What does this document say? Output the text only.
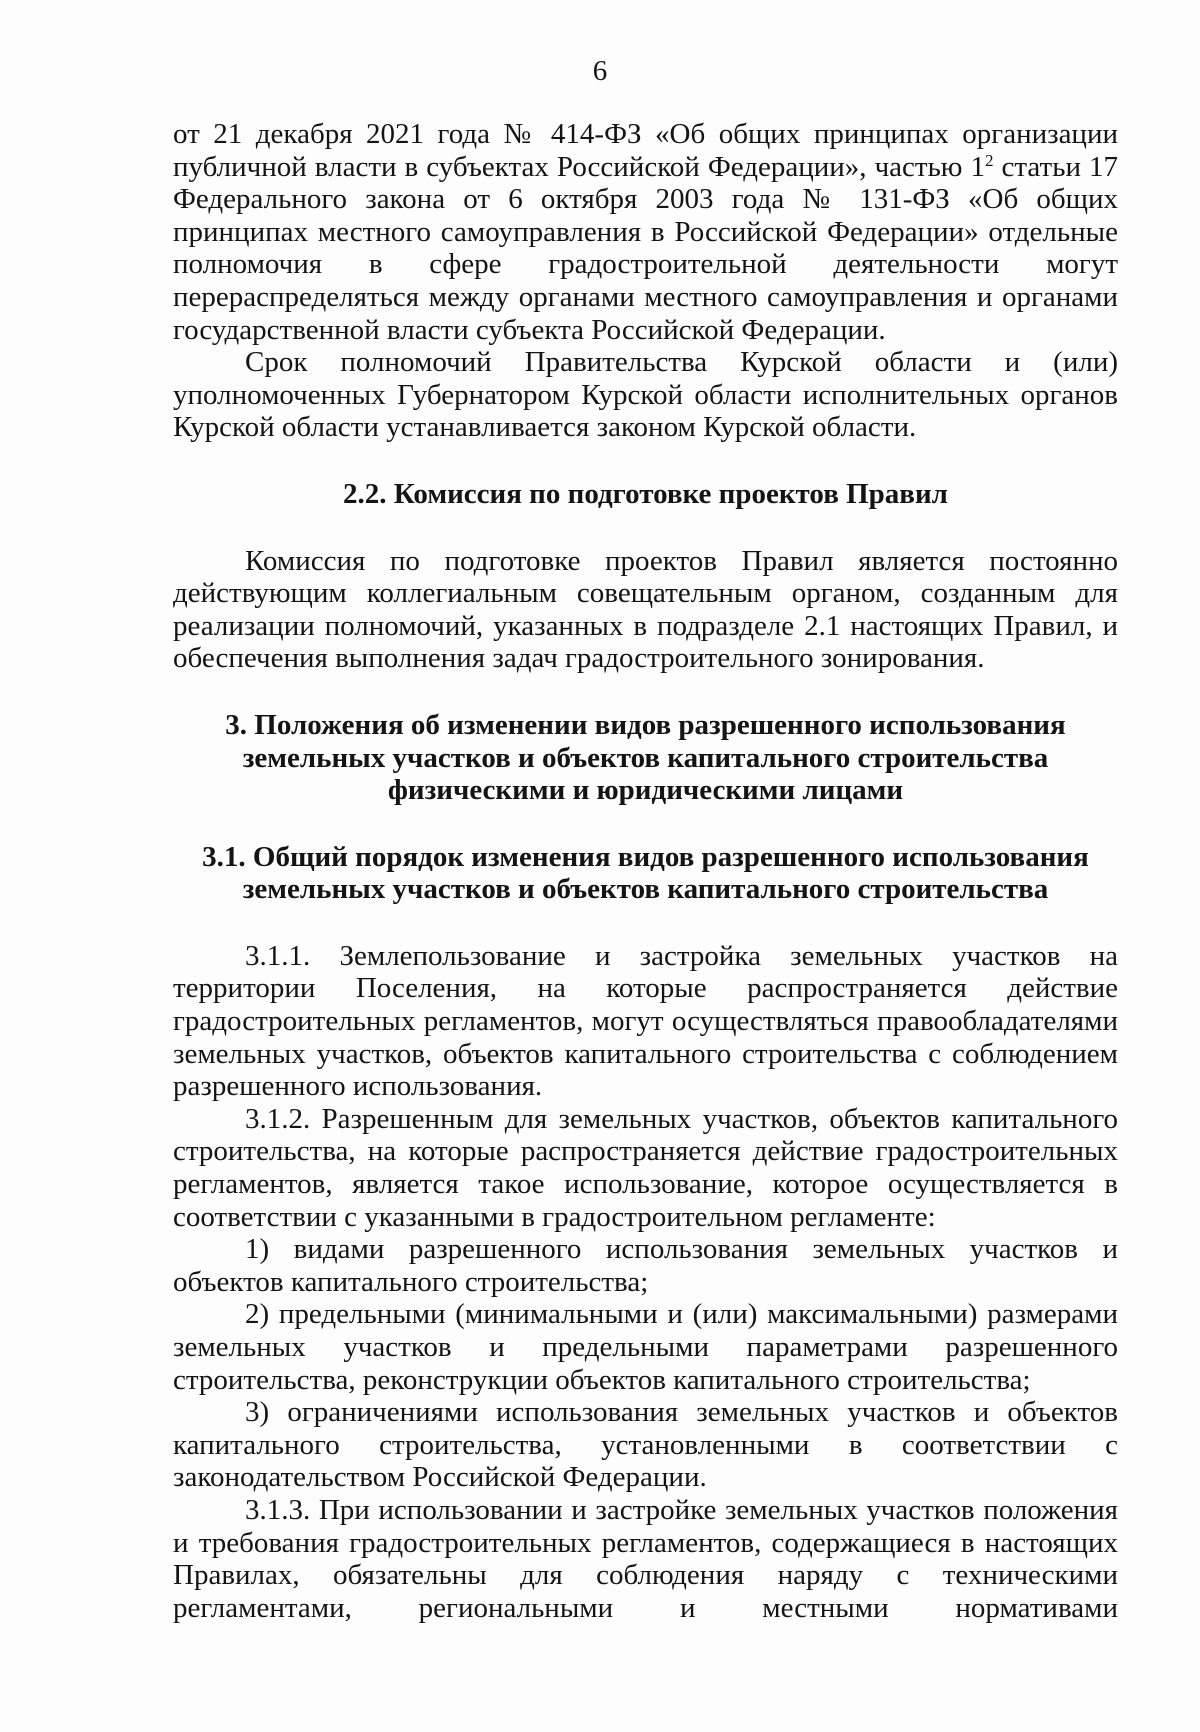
6

от 21 декабря 2021 года № 414-ФЗ «Об общих принципах организации публичной власти в субъектах Российской Федерации», частью $1^2$ статьи 17 Федерального закона от 6 октября 2003 года № 131-ФЗ «Об общих принципах местного самоуправления в Российской Федерации» отдельные полномочия в сфере градостроительной деятельности могут перераспределяться между органами местного самоуправления и органами государственной власти субъекта Российской Федерации.

Срок полномочий Правительства Курской области и (или) уполномоченных Губернатором Курской области исполнительных органов Курской области устанавливается законом Курской области.

2.2. Комиссия по подготовке проектов Правил

Комиссия по подготовке проектов Правил является постоянно действующим коллегиальным совещательным органом, созданным для реализации полномочий, указанных в подразделе 2.1 настоящих Правил, и обеспечения выполнения задач градостроительного зонирования.

3. Положения об изменении видов разрешенного использования

земельных участков и объектов капитального строительства

физическими и юридическими лицами

3.1. Общий порядок изменения видов разрешенного использования

земельных участков и объектов капитального строительства

3.1.1. Землепользование и застройка земельных участков на территории Поселения, на которые распространяется действие градостроительных регламентов, могут осуществляться правообладателями земельных участков, объектов капитального строительства с соблюдением разрешенного использования.

3.1.2. Разрешенным для земельных участков, объектов капитального строительства, на которые распространяется действие градостроительных регламентов, является такое использование, которое осуществляется в соответствии с указанными в градостроительном регламенте:

1) видами разрешенного использования земельных участков и объектов капитального строительства;

2) предельными (минимальными и (или) максимальными) размерами земельных участков и предельными параметрами разрешенного строительства, реконструкции объектов капитального строительства;

3) ограничениями использования земельных участков и объектов капитального строительства, установленными в соответствии с законодательством Российской Федерации.

3.1.3. При использовании и застройке земельных участков положения и требования градостроительных регламентов, содержащиеся в настоящих Правилах, обязательны для соблюдения наряду с техническими регламентами, региональными и местными нормативами
